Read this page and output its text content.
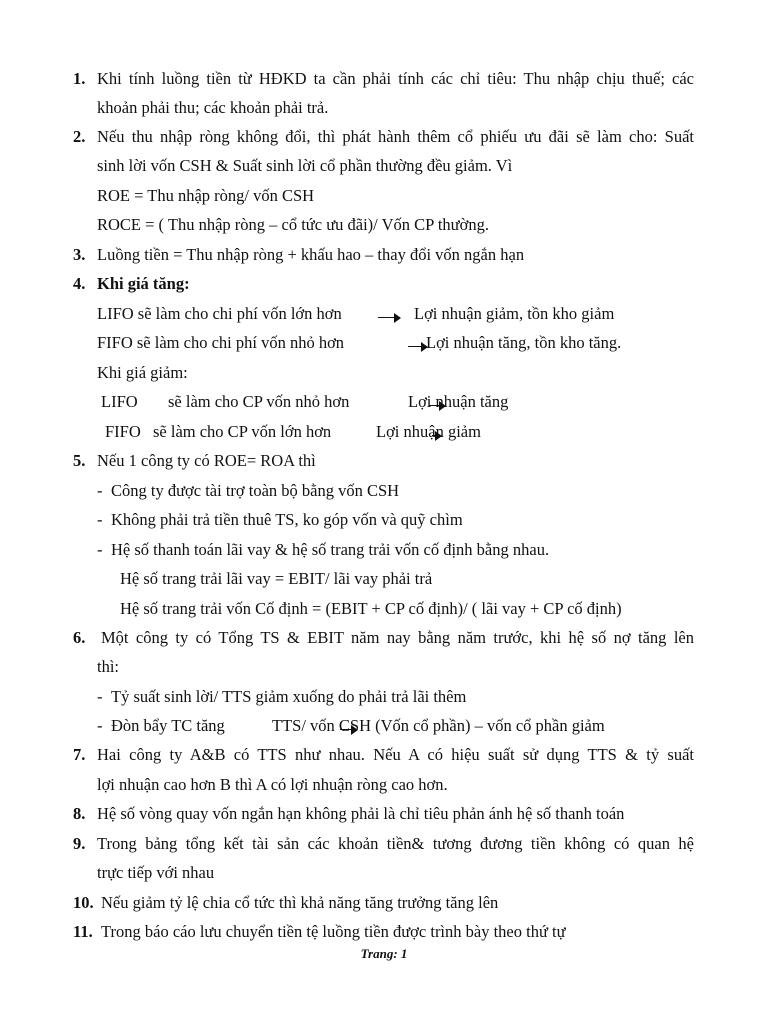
1. Khi tính luồng tiền từ HĐKD ta cần phải tính các chỉ tiêu: Thu nhập chịu thuế; các
khoản phải thu; các khoản phải trả.
2. Nếu thu nhập ròng không đổi, thì phát hành thêm cổ phiếu ưu đãi sẽ làm cho: Suất
sinh lời vốn CSH & Suất sinh lời cổ phần thường đều giảm. Vì
ROE = Thu nhập ròng/ vốn CSH
ROCE = ( Thu nhập ròng – cổ tức ưu đãi)/ Vốn CP thường.
3. Luồng tiền = Thu nhập ròng + khấu hao – thay đổi vốn ngắn hạn
4. Khi giá tăng:
LIFO sẽ làm cho chi phí vốn lớn hơn
	Lợi nhuận giảm, tồn kho giảm
FIFO sẽ làm cho chi phí vốn nhỏ hơn
	Lợi nhuận tăng, tồn kho tăng.
Khi giá giảm:
LIFO sẽ làm cho CP vốn nhỏ hơn
	Lợi nhuận tăng
FIFO sẽ làm cho CP vốn lớn hơn
	Lợi nhuận giảm
5. Nếu 1 công ty có ROE= ROA thì
- Công ty được tài trợ toàn bộ bằng vốn CSH
- Không phải trả tiền thuê TS, ko góp vốn và quỹ chìm
- Hệ số thanh toán lãi vay & hệ số trang trải vốn cố định bằng nhau.
Hệ số trang trải lãi vay = EBIT/ lãi vay phải trả
Hệ số trang trải vốn Cố định = (EBIT + CP cố định)/ ( lãi vay + CP cố định)
6. Một công ty có Tổng TS & EBIT năm nay bằng năm trước, khi hệ số nợ tăng lên
thì:
- Tỷ suất sinh lời/ TTS giảm xuống do phải trả lãi thêm
- Đòn bẩy TC tăng	TTS/ vốn CSH (Vốn cổ phần) – vốn cổ phần giảm
7. Hai công ty A&B có TTS như nhau. Nếu A có hiệu suất sử dụng TTS & tỷ suất
lợi nhuận cao hơn B thì A có lợi nhuận ròng cao hơn.
8. Hệ số vòng quay vốn ngắn hạn không phải là chỉ tiêu phản ánh hệ số thanh toán
9. Trong bảng tổng kết tài sản các khoản tiền& tương đương tiền không có quan hệ
trực tiếp với nhau
10. Nếu giảm tỷ lệ chia cổ tức thì khả năng tăng trưởng tăng lên
11. Trong báo cáo lưu chuyển tiền tệ luồng tiền được trình bày theo thứ tự
Trang: 1
